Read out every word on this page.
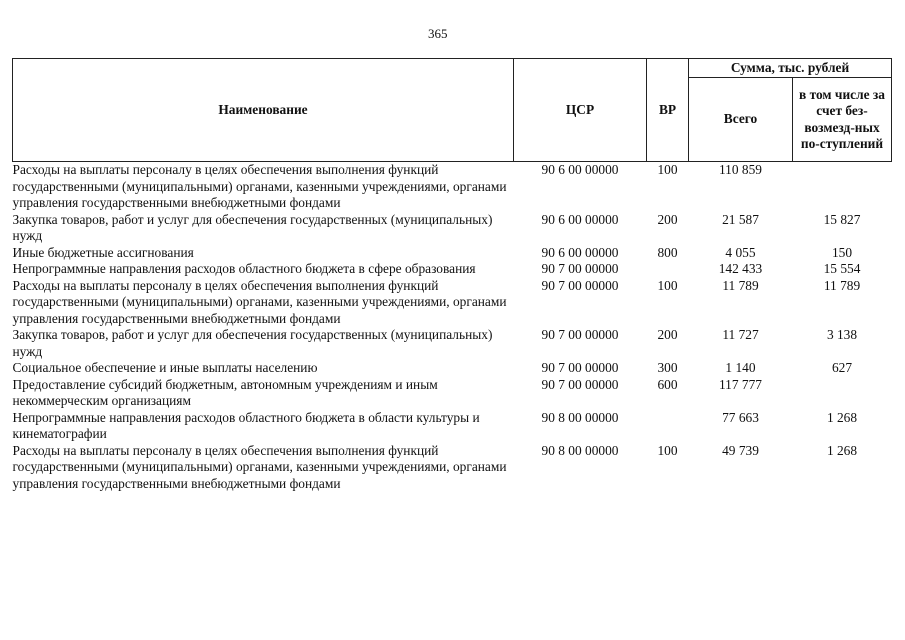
365
Наименование	ЦСР	ВР	Сумма, тыс. рублей	
			Всего	в том числе за счет без-возмезд-ных по-ступлений
Расходы на выплаты персоналу в целях обеспечения выполнения функций государственными (муниципальными) органами, казенными учреждениями, органами управления государственными внебюджетными фондами	90 6 00 00000	100	110 859	
Закупка товаров, работ и услуг для обеспечения государственных (муниципальных) нужд	90 6 00 00000	200	21 587	15 827
Иные бюджетные ассигнования	90 6 00 00000	800	4 055	150
Непрограммные направления расходов областного бюджета в сфере образования	90 7 00 00000		142 433	15 554
Расходы на выплаты персоналу в целях обеспечения выполнения функций государственными (муниципальными) органами, казенными учреждениями, органами управления государственными внебюджетными фондами	90 7 00 00000	100	11 789	11 789
Закупка товаров, работ и услуг для обеспечения государственных (муниципальных) нужд	90 7 00 00000	200	11 727	3 138
Социальное обеспечение и иные выплаты населению	90 7 00 00000	300	1 140	627
Предоставление субсидий бюджетным, автономным учреждениям и иным некоммерческим организациям	90 7 00 00000	600	117 777	
Непрограммные направления расходов областного бюджета в области культуры и кинематографии	90 8 00 00000		77 663	1 268
Расходы на выплаты персоналу в целях обеспечения выполнения функций государственными (муниципальными) органами, казенными учреждениями, органами управления государственными внебюджетными фондами	90 8 00 00000	100	49 739	1 268
